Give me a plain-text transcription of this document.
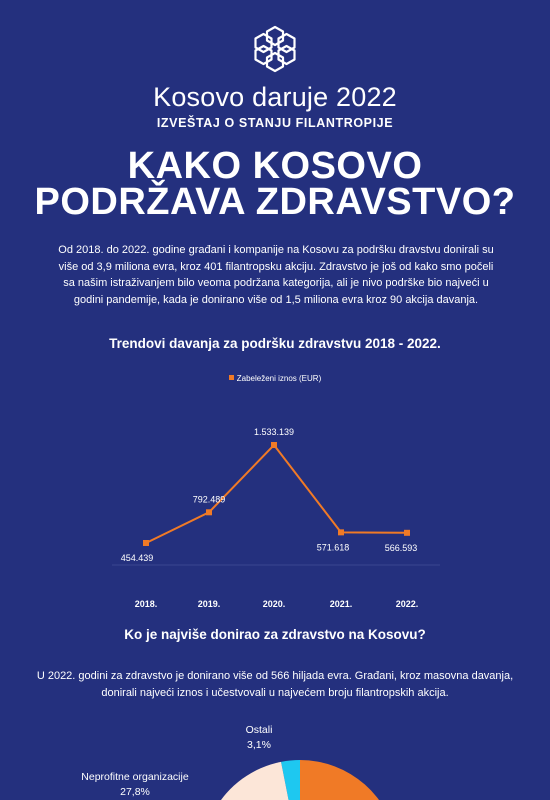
Kosovo daruje 2022
IZVEŠTAJ O STANJU FILANTROPIJE
KAKO KOSOVO
PODRŽAVA ZDRAVSTVO?
Od 2018. do 2022. godine građani i kompanije na Kosovu za podršku dravstvu donirali su više od 3,9 miliona evra, kroz 401 filantropsku akciju. Zdravstvo je još od kako smo počeli sa našim istraživanjem bilo veoma podržana kategorija, ali je nivo podrške bio najveći u godini pandemije, kada je donirano više od 1,5 miliona evra kroz 90 akcija davanja.
Trendovi davanja za podršku zdravstvu 2018 - 2022.
Zabeleženi iznos (EUR)
454.439
792.489
1.533.139
571.618	566.593
2018.	2019.	2020.	2021.	2022.
Ko je najviše donirao za zdravstvo na Kosovu?
U 2022. godini za zdravstvo je donirano više od 566 hiljada evra. Građani, kroz masovna davanja, donirali najveći iznos i učestvovali u najvećem broju filantropskih akcija.
Ostali
3,1%
Neprofitne organizacije
27,8%
